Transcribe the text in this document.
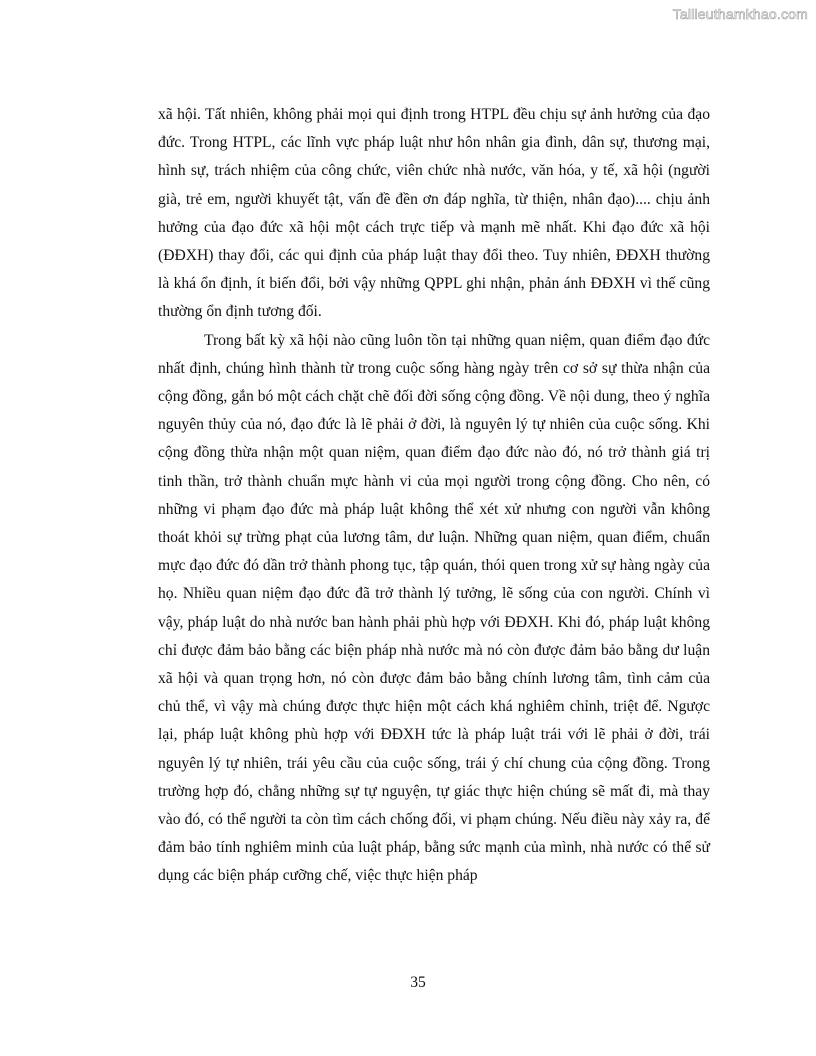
Tailieuthamkhao.com

xã hội. Tất nhiên, không phải mọi qui định trong HTPL đều chịu sự ảnh hưởng của đạo đức. Trong HTPL, các lĩnh vực pháp luật như hôn nhân gia đình, dân sự, thương mại, hình sự, trách nhiệm của công chức, viên chức nhà nước, văn hóa, y tế, xã hội (người già, trẻ em, người khuyết tật, vấn đề đền ơn đáp nghĩa, từ thiện, nhân đạo).... chịu ảnh hưởng của đạo đức xã hội một cách trực tiếp và mạnh mẽ nhất. Khi đạo đức xã hội (ĐĐXH) thay đổi, các qui định của pháp luật thay đổi theo. Tuy nhiên, ĐĐXH thường là khá ổn định, ít biến đổi, bởi vậy những QPPL ghi nhận, phản ánh ĐĐXH vì thế cũng thường ổn định tương đối.

Trong bất kỳ xã hội nào cũng luôn tồn tại những quan niệm, quan điểm đạo đức nhất định, chúng hình thành từ trong cuộc sống hàng ngày trên cơ sở sự thừa nhận của cộng đồng, gắn bó một cách chặt chẽ đối đời sống cộng đồng. Về nội dung, theo ý nghĩa nguyên thủy của nó, đạo đức là lẽ phải ở đời, là nguyên lý tự nhiên của cuộc sống. Khi cộng đồng thừa nhận một quan niệm, quan điểm đạo đức nào đó, nó trở thành giá trị tinh thần, trở thành chuẩn mực hành vi của mọi người trong cộng đồng. Cho nên, có những vi phạm đạo đức mà pháp luật không thể xét xử nhưng con người vẫn không thoát khỏi sự trừng phạt của lương tâm, dư luận. Những quan niệm, quan điểm, chuẩn mực đạo đức đó dần trở thành phong tục, tập quán, thói quen trong xử sự hàng ngày của họ. Nhiều quan niệm đạo đức đã trở thành lý tưởng, lẽ sống của con người. Chính vì vậy, pháp luật do nhà nước ban hành phải phù hợp với ĐĐXH. Khi đó, pháp luật không chỉ được đảm bảo bằng các biện pháp nhà nước mà nó còn được đảm bảo bằng dư luận xã hội và quan trọng hơn, nó còn được đảm bảo bằng chính lương tâm, tình cảm của chủ thể, vì vậy mà chúng được thực hiện một cách khá nghiêm chỉnh, triệt để. Ngược lại, pháp luật không phù hợp với ĐĐXH tức là pháp luật trái với lẽ phải ở đời, trái nguyên lý tự nhiên, trái yêu cầu của cuộc sống, trái ý chí chung của cộng đồng. Trong trường hợp đó, chẳng những sự tự nguyện, tự giác thực hiện chúng sẽ mất đi, mà thay vào đó, có thể người ta còn tìm cách chống đối, vi phạm chúng. Nếu điều này xảy ra, để đảm bảo tính nghiêm minh của luật pháp, bằng sức mạnh của mình, nhà nước có thể sử dụng các biện pháp cưỡng chế, việc thực hiện pháp

35
